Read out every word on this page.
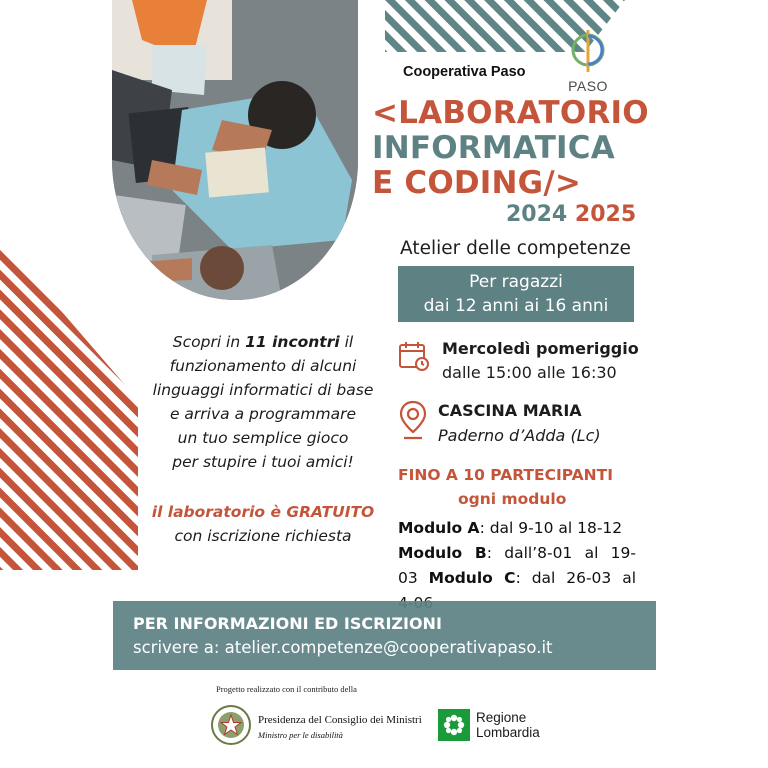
Cooperativa Paso
PASO
<LABORATORIO
INFORMATICA
E CODING/>
2024 2025
Atelier delle competenze
Per ragazzi
dai 12 anni ai 16 anni
Scopri in 11 incontri il
funzionamento di alcuni
linguaggi informatici di base
e arriva a programmare
un tuo semplice gioco
per stupire i tuoi amici!
il laboratorio è GRATUITO
con iscrizione richiesta
Mercoledì pomeriggio
dalle 15:00 alle 16:30
CASCINA MARIA
Paderno d’Adda (Lc)
FINO A 10 PARTECIPANTI
ogni modulo
Modulo A: dal 9-10 al 18-12
Modulo B: dall’8-01 al 19-
03 Modulo C: dal 26-03 al
PER INFORMAZIONI ED ISCRIZIONI
scrivere a: atelier.competenze@cooperativapaso.it
Progetto realizzato con il contributo della
Presidenza del Consiglio dei Ministri
Ministro per le disabilità
Regione
Lombardia
